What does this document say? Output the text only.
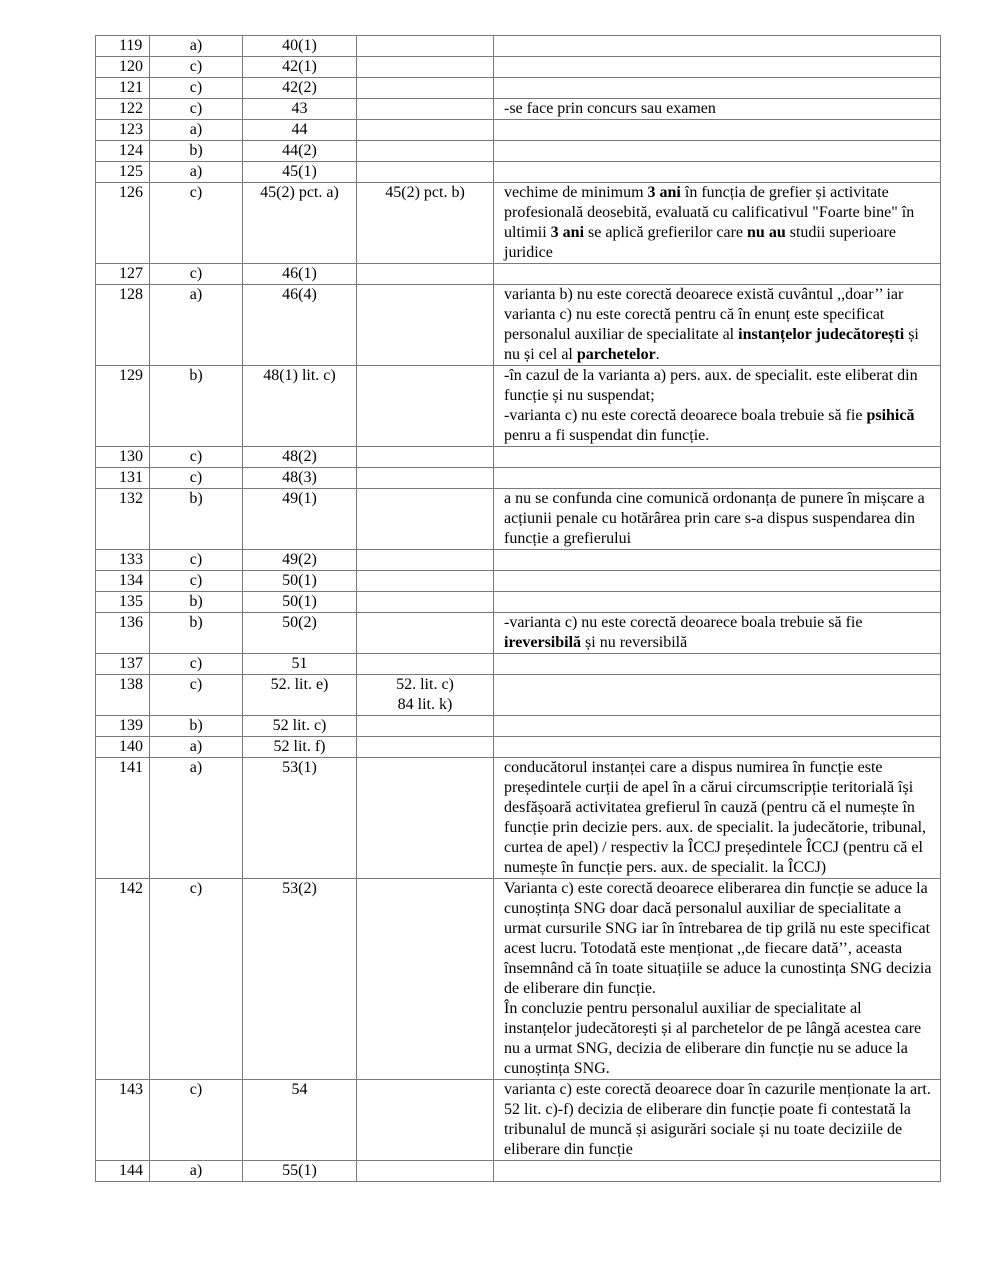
119	a)	40(1)		
120	c)	42(1)		
121	c)	42(2)		
122	c)	43		-se face prin concurs sau examen
123	a)	44		
124	b)	44(2)		
125	a)	45(1)		
126	c)	45(2) pct. a)	45(2) pct. b)	vechime de minimum 3 ani în funcția de grefier și activitate profesională deosebită, evaluată cu calificativul "Foarte bine" în ultimii 3 ani se aplică grefierilor care nu au studii superioare juridice
127	c)	46(1)		
128	a)	46(4)		varianta b) nu este corectă deoarece există cuvântul ,,doar’’ iar varianta c) nu este corectă pentru că în enunț este specificat personalul auxiliar de specialitate al instanțelor judecătorești și nu și cel al parchetelor.
129	b)	48(1) lit. c)		-în cazul de la varianta a) pers. aux. de specialit. este eliberat din funcție și nu suspendat;
-varianta c) nu este corectă deoarece boala trebuie să fie psihică penru a fi suspendat din funcție.
130	c)	48(2)		
131	c)	48(3)		
132	b)	49(1)		a nu se confunda cine comunică ordonanța de punere în mișcare a acțiunii penale cu hotărârea prin care s-a dispus suspendarea din funcție a grefierului
133	c)	49(2)		
134	c)	50(1)		
135	b)	50(1)		
136	b)	50(2)		-varianta c) nu este corectă deoarece boala trebuie să fie ireversibilă și nu reversibilă
137	c)	51		
138	c)	52. lit. e)	52. lit. c)
84 lit. k)	
139	b)	52 lit. c)		
140	a)	52 lit. f)		
141	a)	53(1)		conducătorul instanței care a dispus numirea în funcție este președintele curții de apel în a cărui circumscripție teritorială își desfășoară activitatea grefierul în cauză (pentru că el numește în funcție prin decizie pers. aux. de specialit. la judecătorie, tribunal, curtea de apel) / respectiv la ÎCCJ președintele ÎCCJ (pentru că el numește în funcție pers. aux. de specialit. la ÎCCJ)
142	c)	53(2)		Varianta c) este corectă deoarece eliberarea din funcție se aduce la cunoștința SNG doar dacă personalul auxiliar de specialitate a urmat cursurile SNG iar în întrebarea de tip grilă nu este specificat acest lucru. Totodată este menționat ,,de fiecare dată’’, aceasta însemnând că în toate situațiile se aduce la cunostința SNG decizia de eliberare din funcție.
În concluzie pentru personalul auxiliar de specialitate al instanțelor judecătorești și al parchetelor de pe lângă acestea care nu a urmat SNG, decizia de eliberare din funcție nu se aduce la cunoștința SNG.
143	c)	54		varianta c) este corectă deoarece doar în cazurile menționate la art. 52 lit. c)-f) decizia de eliberare din funcție poate fi contestată la tribunalul de muncă și asigurări sociale și nu toate deciziile de eliberare din funcție
144	a)	55(1)		
